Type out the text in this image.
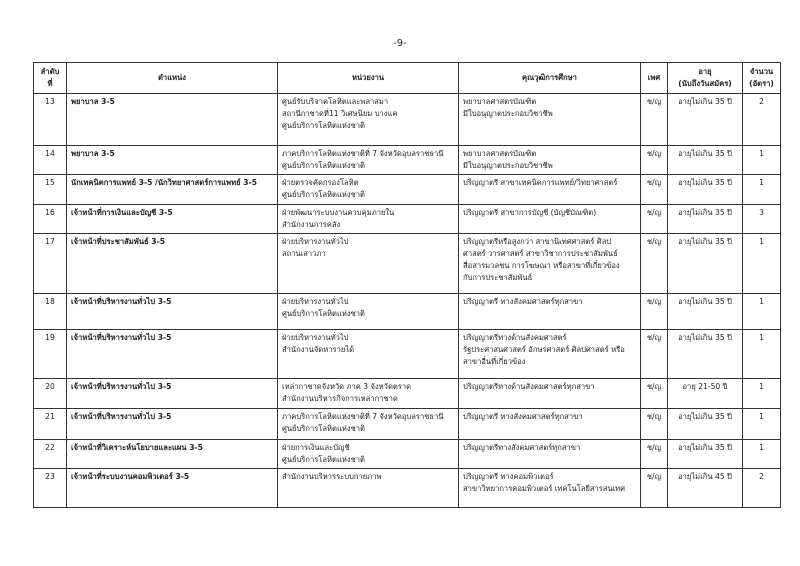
-9-
ลำดับ
ที่	ตำแหน่ง	หน่วยงาน	คุณวุฒิการศึกษา	เพศ	อายุ
(นับถึงวันสมัคร)	จำนวน
(อัตรา)

13	พยาบาล 3-5	ศูนย์รับบริจาคโลหิตและพลาสมา
สถานีกาชาดที่11 วิเศษนิยม บางแค
ศูนย์บริการโลหิตแห่งชาติ	พยาบาลศาสตรบัณฑิต
มีใบอนุญาตประกอบวิชาชีพ	ช/ญ	อายุไม่เกิน 35 ปี	2
14	พยาบาล 3-5	ภาคบริการโลหิตแห่งชาติที่ 7 จังหวัดอุบลราชธานี
ศูนย์บริการโลหิตแห่งชาติ	พยาบาลศาสตรบัณฑิต
มีใบอนุญาตประกอบวิชาชีพ	ช/ญ	อายุไม่เกิน 35 ปี	1
15	นักเทคนิคการแพทย์ 3-5 /นักวิทยาศาสตร์การแพทย์ 3-5	ฝ่ายตรวจคัดกรองโลหิต
ศูนย์บริการโลหิตแห่งชาติ	ปริญญาตรี สาขาเทคนิคการแพทย์/วิทยาศาสตร์	ช/ญ	อายุไม่เกิน 35 ปี	1
16	เจ้าหน้าที่การเงินและบัญชี 3-5	ฝ่ายพัฒนาระบบงานควบคุมภายใน
สำนักงานการคลัง	ปริญญาตรี สาขาการบัญชี (บัญชีบัณฑิต)	ช/ญ	อายุไม่เกิน 35 ปี	3
17	เจ้าหน้าที่ประชาสัมพันธ์ 3-5	ฝ่ายบริหารงานทั่วไป
สถานเสาวภา	ปริญญาตรีหรือสูงกว่า สาขานิเทศศาสตร์ ศิลป
ศาสตร์ วารศาสตร์ สาขาวิชาการประชาสัมพันธ์
สื่อสารมวลชน การโฆษณา หรือสาขาที่เกี่ยวข้อง
กับการประชาสัมพันธ์	ช/ญ	อายุไม่เกิน 35 ปี	1
18	เจ้าหน้าที่บริหารงานทั่วไป 3-5	ฝ่ายบริหารงานทั่วไป
ศูนย์บริการโลหิตแห่งชาติ	ปริญญาตรี ทางสังคมศาสตร์ทุกสาขา	ช/ญ	อายุไม่เกิน 35 ปี	1
19	เจ้าหน้าที่บริหารงานทั่วไป 3-5	ฝ่ายบริหารงานทั่วไป
สำนักงานจัดหารายได้	ปริญญาตรีทางด้านสังคมศาสตร์
รัฐประศาสนศาสตร์ อักษรศาสตร์ ศิลปศาสตร์ หรือ
สาขาอื่นที่เกี่ยวข้อง	ช/ญ	อายุไม่เกิน 35 ปี	1
20	เจ้าหน้าที่บริหารงานทั่วไป 3-5	เหล่ากาชาดจังหวัด ภาค 3 จังหวัดตราด
สำนักงานบริหารกิจการเหล่ากาชาด	ปริญญาตรีทางด้านสังคมศาสตร์ทุกสาขา	ช/ญ	อายุ 21-50 ปี	1
21	เจ้าหน้าที่บริหารงานทั่วไป 3-5	ภาคบริการโลหิตแห่งชาติที่ 7 จังหวัดอุบลราชธานี
ศูนย์บริการโลหิตแห่งชาติ	ปริญญาตรี ทางสังคมศาสตร์ทุกสาขา	ช/ญ	อายุไม่เกิน 35 ปี	1
22	เจ้าหน้าที่วิเคราะห์นโยบายและแผน 3-5	ฝ่ายการเงินและบัญชี
ศูนย์บริการโลหิตแห่งชาติ	ปริญญาตรีทางสังคมศาสตร์ทุกสาขา	ช/ญ	อายุไม่เกิน 35 ปี	1
23	เจ้าหน้าที่ระบบงานคอมพิวเตอร์ 3-5	สำนักงานบริหารระบบกายภาพ	ปริญญาตรี ทางคอมพิวเตอร์
สาขาวิทยาการคอมพิวเตอร์ เทคโนโลยีสารสนเทศ	ช/ญ	อายุไม่เกิน 45 ปี	2
